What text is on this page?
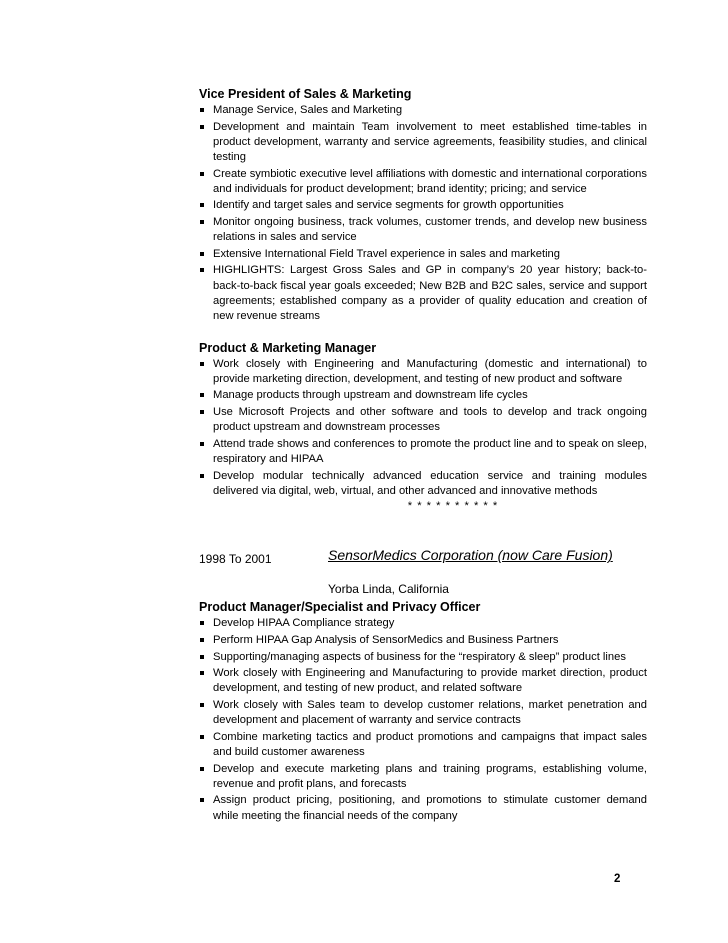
Vice President of Sales & Marketing
Manage Service, Sales and Marketing
Development and maintain Team involvement to meet established time-tables in product development, warranty and service agreements, feasibility studies, and clinical testing
Create symbiotic executive level affiliations with domestic and international corporations and individuals for product development; brand identity; pricing; and service
Identify and target sales and service segments for growth opportunities
Monitor ongoing business, track volumes, customer trends, and develop new business relations in sales and service
Extensive International Field Travel experience in sales and marketing
HIGHLIGHTS: Largest Gross Sales and GP in company’s 20 year history; back-to-back-to-back fiscal year goals exceeded; New B2B and B2C sales, service and support agreements; established company as a provider of quality education and creation of new revenue streams
Product & Marketing Manager
Work closely with Engineering and Manufacturing (domestic and international) to provide marketing direction, development, and testing of new product and software
Manage products through upstream and downstream life cycles
Use Microsoft Projects and other software and tools to develop and track ongoing product upstream and downstream processes
Attend trade shows and conferences to promote the product line and to speak on sleep, respiratory and HIPAA
Develop modular technically advanced education service and training modules delivered via digital, web, virtual, and other advanced and innovative methods
* * * * * * * * * *
1998 To 2001	SensorMedics Corporation (now Care Fusion)
Yorba Linda, California
Product Manager/Specialist and Privacy Officer
Develop HIPAA Compliance strategy
Perform HIPAA Gap Analysis of SensorMedics and Business Partners
Supporting/managing aspects of business for the “respiratory & sleep” product lines
Work closely with Engineering and Manufacturing to provide market direction, product development, and testing of new product, and related software
Work closely with Sales team to develop customer relations, market penetration and development and placement of warranty and service contracts
Combine marketing tactics and product promotions and campaigns that impact sales and build customer awareness
Develop and execute marketing plans and training programs, establishing volume, revenue and profit plans, and forecasts
Assign product pricing, positioning, and promotions to stimulate customer demand while meeting the financial needs of the company
2
